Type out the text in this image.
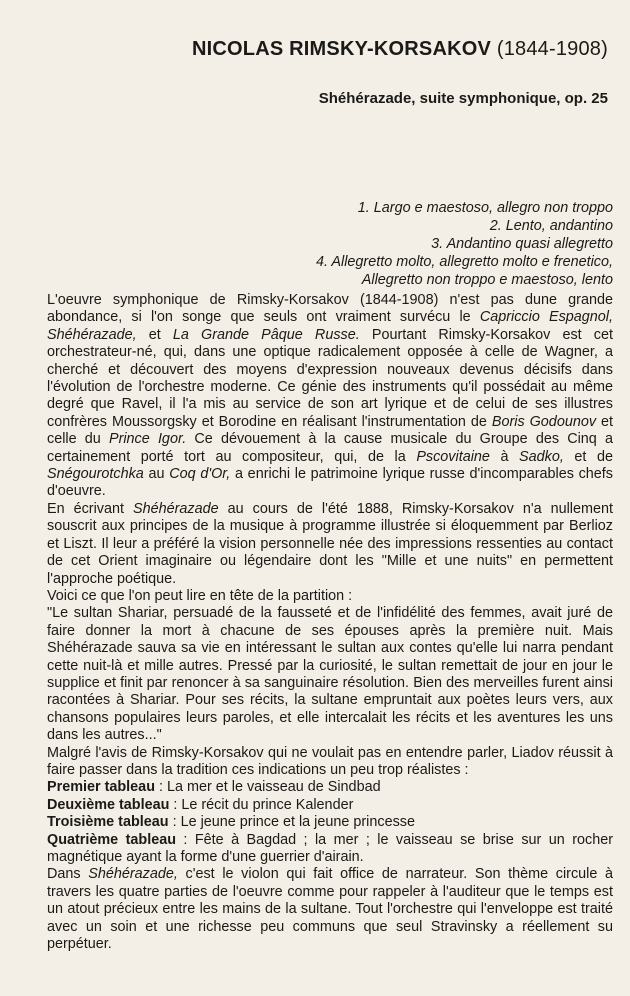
NICOLAS RIMSKY-KORSAKOV (1844-1908)
Shéhérazade, suite symphonique, op. 25
1. Largo e maestoso, allegro non troppo
2. Lento, andantino
3. Andantino quasi allegretto
4. Allegretto molto, allegretto molto e frenetico,
Allegretto non troppo e maestoso, lento

L'oeuvre symphonique de Rimsky-Korsakov (1844-1908) n'est pas dune grande abondance, si l'on songe que seuls ont vraiment survécu le Capriccio Espagnol, Shéhérazade, et La Grande Pâque Russe. Pourtant Rimsky-Korsakov est cet orchestrateur-né, qui, dans une optique radicalement opposée à celle de Wagner, a cherché et découvert des moyens d'expression nouveaux devenus décisifs dans l'évolution de l'orchestre moderne. Ce génie des instruments qu'il possédait au même degré que Ravel, il l'a mis au service de son art lyrique et de celui de ses illustres confrères Moussorgsky et Borodine en réalisant l'instrumentation de Boris Godounov et celle du Prince Igor. Ce dévouement à la cause musicale du Groupe des Cinq a certainement porté tort au compositeur, qui, de la Pscovitaine à Sadko, et de Snégourotchka au Coq d'Or, a enrichi le patrimoine lyrique russe d'incomparables chefs d'oeuvre.

En écrivant Shéhérazade au cours de l'été 1888, Rimsky-Korsakov n'a nullement souscrit aux principes de la musique à programme illustrée si éloquemment par Berlioz et Liszt. Il leur a préféré la vision personnelle née des impressions ressenties au contact de cet Orient imaginaire ou légendaire dont les "Mille et une nuits" en permettent l'approche poétique.

Voici ce que l'on peut lire en tête de la partition :

"Le sultan Shariar, persuadé de la fausseté et de l'infidélité des femmes, avait juré de faire donner la mort à chacune de ses épouses après la première nuit. Mais Shéhérazade sauva sa vie en intéressant le sultan aux contes qu'elle lui narra pendant cette nuit-là et mille autres. Pressé par la curiosité, le sultan remettait de jour en jour le supplice et finit par renoncer à sa sanguinaire résolution. Bien des merveilles furent ainsi racontées à Shariar. Pour ses récits, la sultane empruntait aux poètes leurs vers, aux chansons populaires leurs paroles, et elle intercalait les récits et les aventures les uns dans les autres..."

Malgré l'avis de Rimsky-Korsakov qui ne voulait pas en entendre parler, Liadov réussit à faire passer dans la tradition ces indications un peu trop réalistes :

Premier tableau : La mer et le vaisseau de Sindbad
Deuxième tableau : Le récit du prince Kalender
Troisième tableau : Le jeune prince et la jeune princesse
Quatrième tableau : Fête à Bagdad ; la mer ; le vaisseau se brise sur un rocher magnétique ayant la forme d'une guerrier d'airain.

Dans Shéhérazade, c'est le violon qui fait office de narrateur. Son thème circule à travers les quatre parties de l'oeuvre comme pour rappeler à l'auditeur que le temps est un atout précieux entre les mains de la sultane. Tout l'orchestre qui l'enveloppe est traité avec un soin et une richesse peu communs que seul Stravinsky a réellement su perpétuer.
